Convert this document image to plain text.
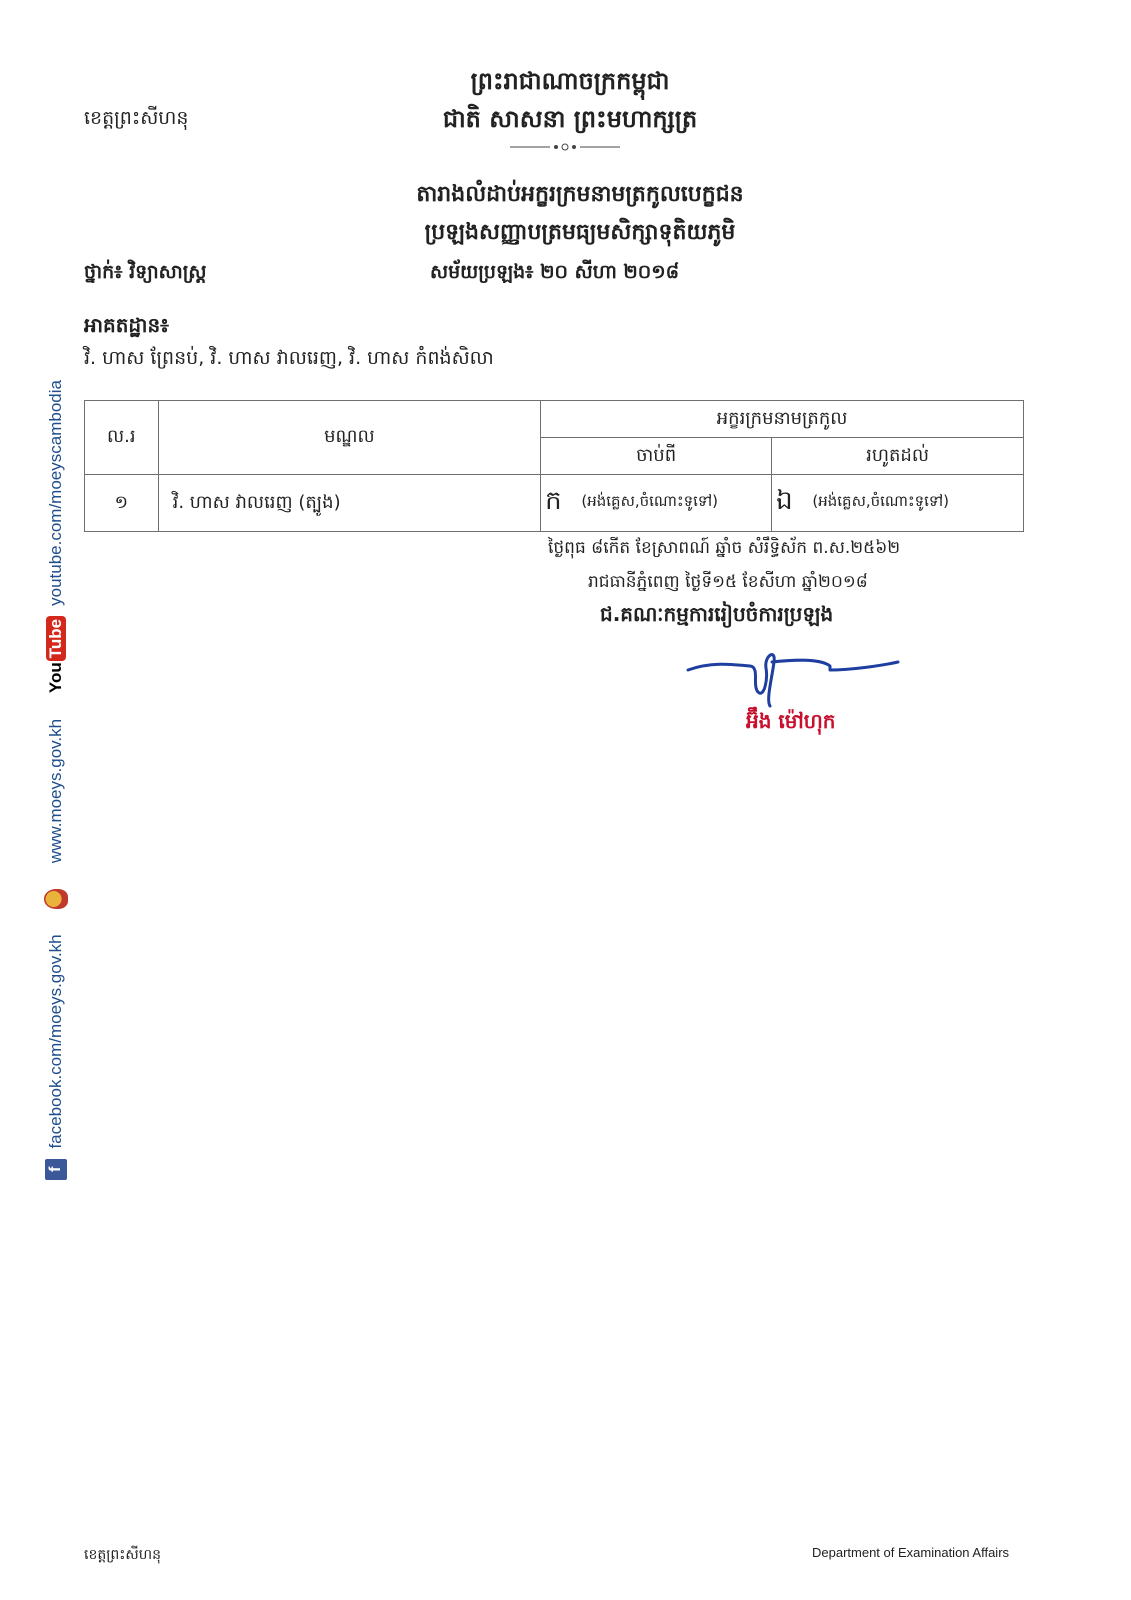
ព្រះរាជាណាចក្រកម្ពុជា
ខេត្តព្រះសីហនុ	ជាតិ សាសនា ព្រះមហាក្សត្រ
តារាងលំដាប់អក្ខរក្រមនាមត្រកូលបេក្ខជន
ប្រឡងសញ្ញាបត្រមធ្យមសិក្សាទុតិយភូមិ
ថ្នាក់៖ វិទ្យាសាស្ត្រ	សម័យប្រឡង៖ ២០ សីហា ២០១៨
អាគតដ្ឋាន៖
វិ. ហាស ព្រែនប់, វិ. ហាស វាលរេញ, វិ. ហាស កំពង់សិលា
ល.រ	មណ្ឌល	អក្ខរក្រមនាមត្រកូល	
		ចាប់ពី	រហូតដល់
១	វិ. ហាស វាលរេញ (ត្បូង)	ក (អង់គ្លេស,ចំណោះទូទៅ)	ឯ (អង់គ្លេស,ចំណោះទូទៅ)
ថ្ងៃពុធ ៨កើត ខែស្រាពណ៍ ឆ្នាំច សំរឹទ្ធិស័ក ព.ស.២៥៦២
រាជធានីភ្នំពេញ ថ្ងៃទី១៥ ខែសីហា ឆ្នាំ២០១៨
ជ.គណៈកម្មការរៀបចំការប្រឡង
អ៊ឹង ម៉ៅហុក
f
facebook.com/moeys.gov.kh
www.moeys.gov.kh
You
Tube
youtube.com/moeyscambodia
ខេត្តព្រះសីហនុ	Department of Examination Affairs
